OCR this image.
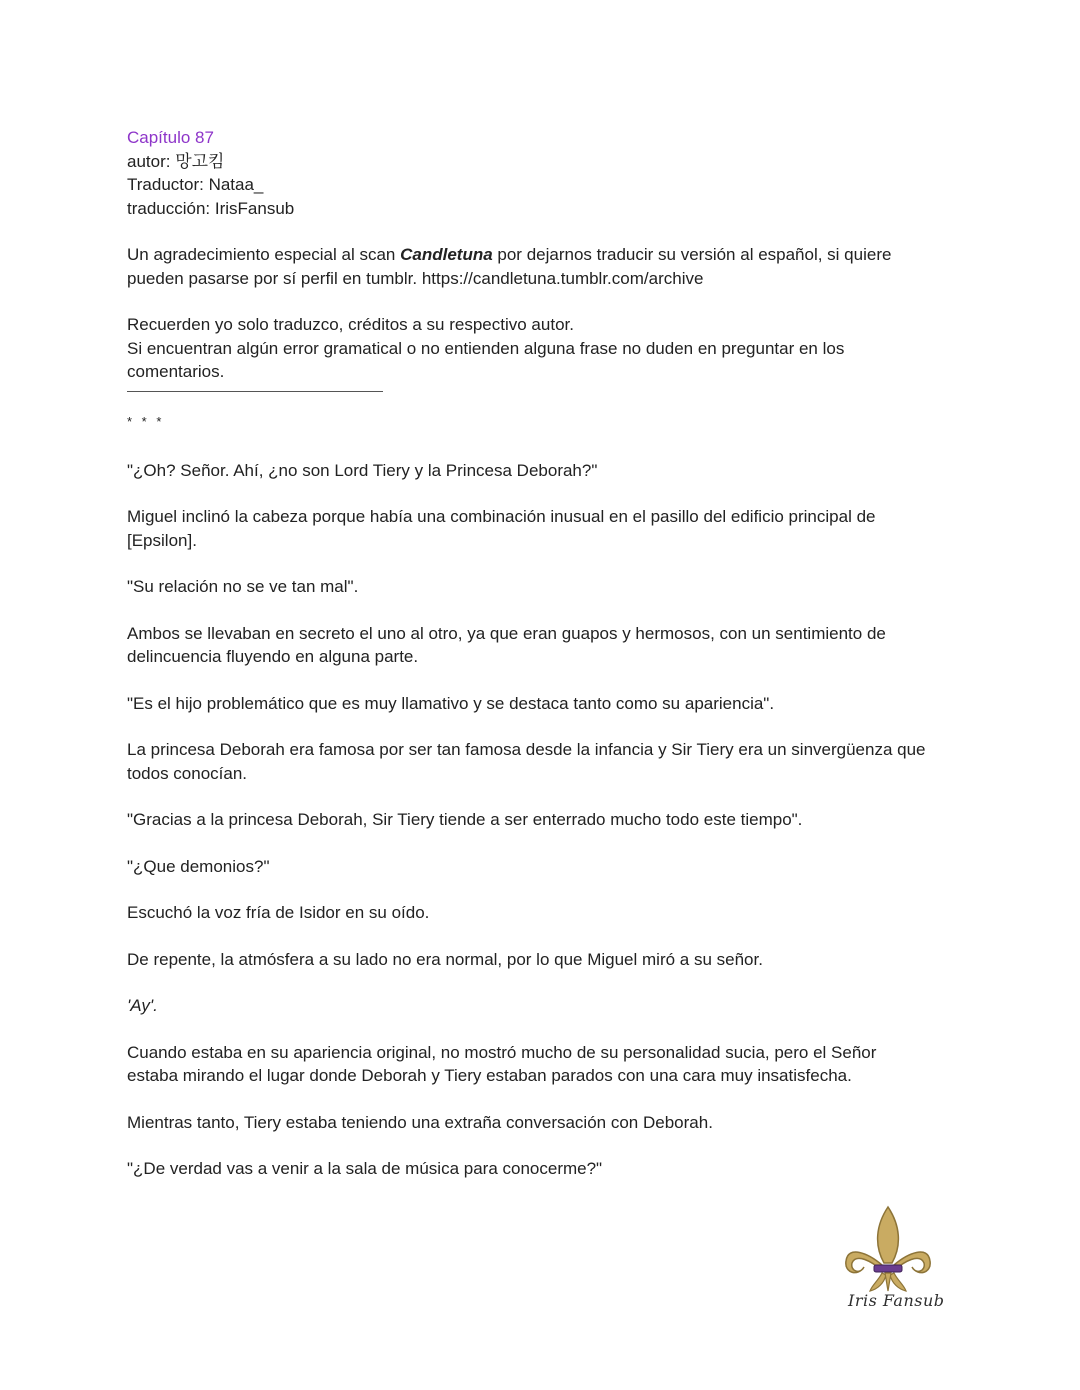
Capítulo 87

autor: 망고킴

Traductor: Nataa_

traducción: IrisFansub

Un agradecimiento especial al scan Candletuna por dejarnos traducir su versión al español, si quiere pueden pasarse por sí perfil en tumblr. https://candletuna.tumblr.com/archive

Recuerden yo solo traduzco, créditos a su respectivo autor.

Si encuentran algún error gramatical o no entienden alguna frase no duden en preguntar en los comentarios.

* * *

"¿Oh? Señor. Ahí, ¿no son Lord Tiery y la Princesa Deborah?"

Miguel inclinó la cabeza porque había una combinación inusual en el pasillo del edificio principal de [Epsilon].

"Su relación no se ve tan mal".

Ambos se llevaban en secreto el uno al otro, ya que eran guapos y hermosos, con un sentimiento de delincuencia fluyendo en alguna parte.

"Es el hijo problemático que es muy llamativo y se destaca tanto como su apariencia".

La princesa Deborah era famosa por ser tan famosa desde la infancia y Sir Tiery era un sinvergüenza que todos conocían.

"Gracias a la princesa Deborah, Sir Tiery tiende a ser enterrado mucho todo este tiempo".

"¿Que demonios?"

Escuchó la voz fría de Isidor en su oído.

De repente, la atmósfera a su lado no era normal, por lo que Miguel miró a su señor.

'Ay'.

Cuando estaba en su apariencia original, no mostró mucho de su personalidad sucia, pero el Señor estaba mirando el lugar donde Deborah y Tiery estaban parados con una cara muy insatisfecha.

Mientras tanto, Tiery estaba teniendo una extraña conversación con Deborah.

"¿De verdad vas a venir a la sala de música para conocerme?"

Iris Fansub
